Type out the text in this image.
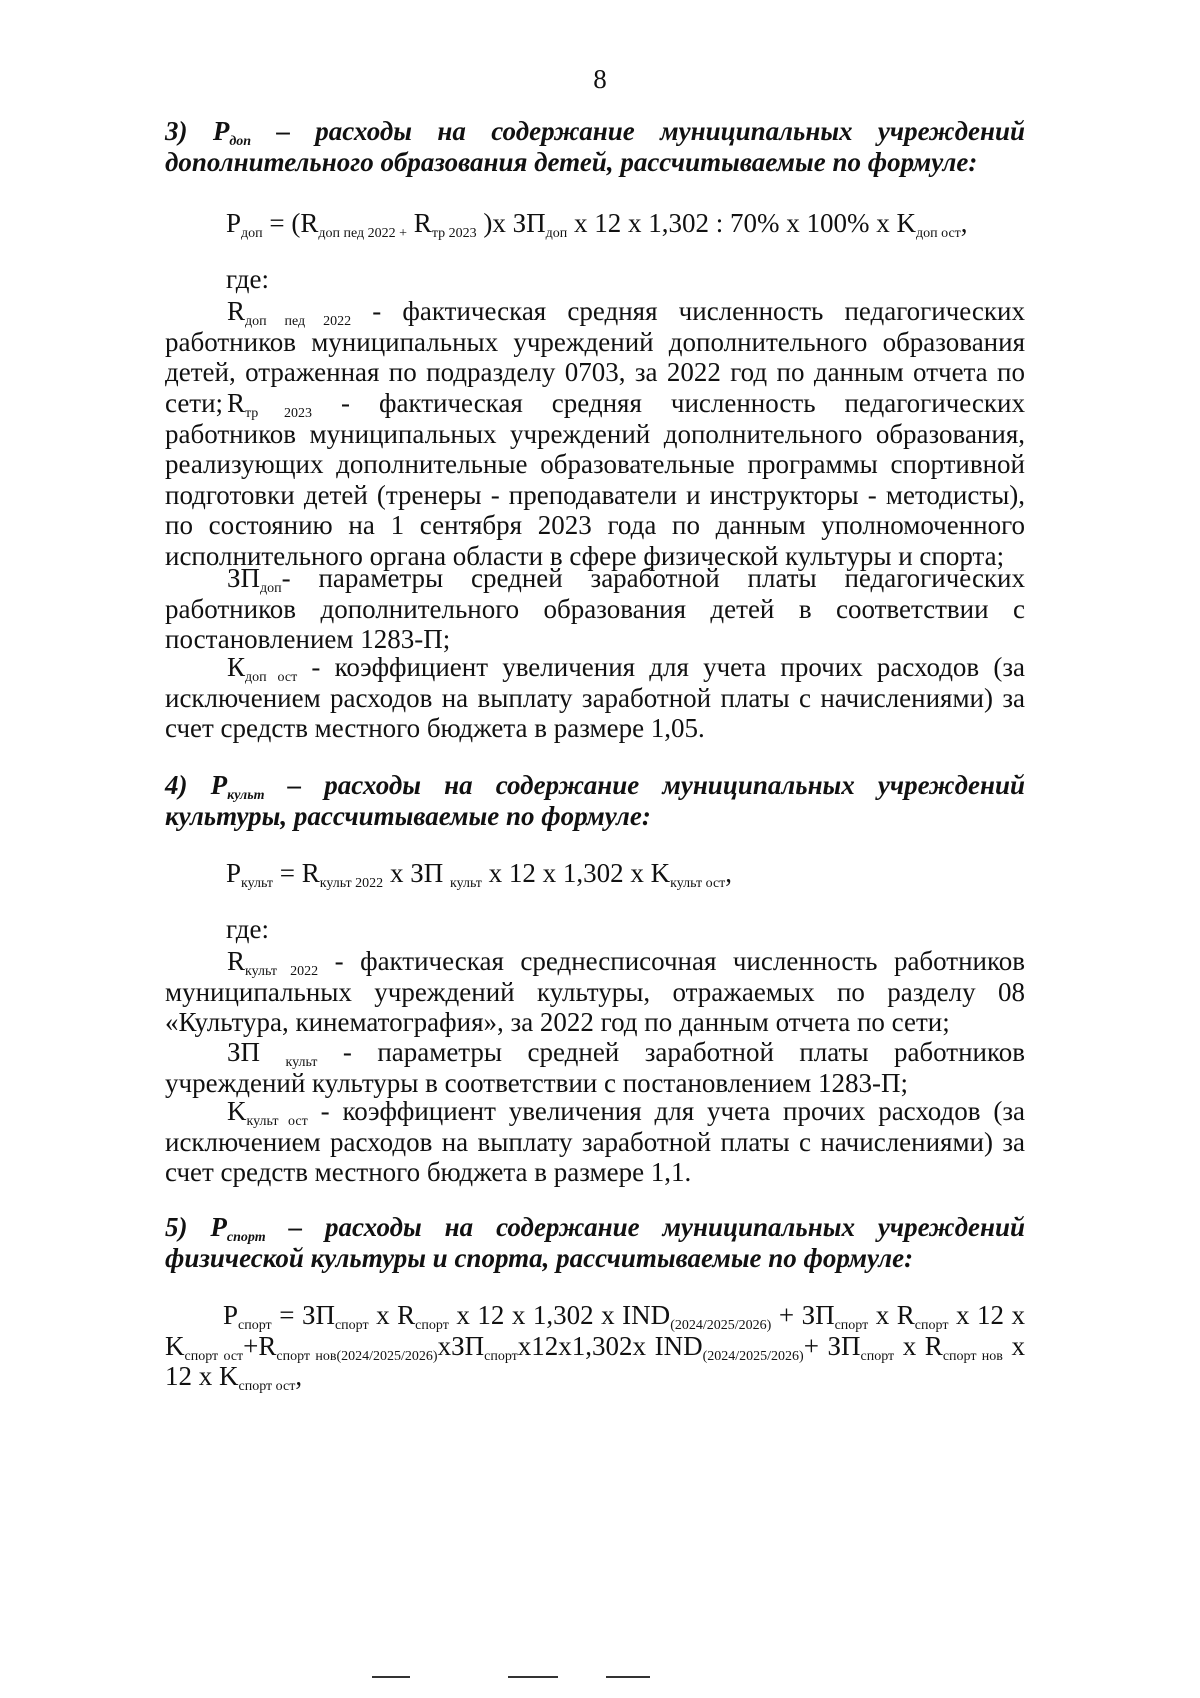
8
3) $Р_{доп}$ – расходы на содержание муниципальных учреждений дополнительного образования детей, рассчитываемые по формуле:
$Р_{доп} = (R_{доп пед 2022 +}$ $R_{тр 2023}$ )х $ЗП_{доп}$ х 12 х 1,302 : 70% х 100% х $K_{доп ост}$,
где:
$R_{доп пед 2022}$ - фактическая средняя численность педагогических работников муниципальных учреждений дополнительного образования детей, отраженная по подразделу 0703, за 2022 год по данным отчета по сети; $R_{тр 2023}$ - фактическая средняя численность педагогических работников муниципальных учреждений дополнительного образования, реализующих дополнительные образовательные программы спортивной подготовки детей (тренеры - преподаватели и инструкторы - методисты), по состоянию на 1 сентября 2023 года по данным уполномоченного исполнительного органа области в сфере физической культуры и спорта;
$ЗП_{доп}-$ параметры средней заработной платы педагогических работников дополнительного образования детей в соответствии с постановлением 1283-П;
$К_{доп ост}$ - коэффициент увеличения для учета прочих расходов (за исключением расходов на выплату заработной платы с начислениями) за счет средств местного бюджета в размере 1,05.
4) $Р_{культ}$ – расходы на содержание муниципальных учреждений культуры, рассчитываемые по формуле:
$Р_{культ} = R_{культ 2022}$ х ЗП $_{культ}$ х 12 х 1,302 х $K_{культ ост}$,
где:
$R_{культ 2022}$ - фактическая среднесписочная численность работников муниципальных учреждений культуры, отражаемых по разделу 08 «Культура, кинематография», за 2022 год по данным отчета по сети;
ЗП $_{культ}$ - параметры средней заработной платы работников учреждений культуры в соответствии с постановлением 1283-П;
$K_{культ ост}$ - коэффициент увеличения для учета прочих расходов (за исключением расходов на выплату заработной платы с начислениями) за счет средств местного бюджета в размере 1,1.
5) $Р_{спорт}$ – расходы на содержание муниципальных учреждений физической культуры и спорта, рассчитываемые по формуле:
$Р_{спорт} = ЗП_{спорт}$ х $R_{спорт}$ х 12 х 1,302 х $IND_{(2024/2025/2026)} + ЗП_{спорт}$ х $R_{спорт}$ х 12 х $K_{спорт ост}+R_{спорт нов(2024/2025/2026)}хЗП_{спорт}х12х1,302х$ $IND_{(2024/2025/2026)}+ ЗП_{спорт}$ х $R_{спорт нов}$ х 12 х $K_{спорт ост}$,
